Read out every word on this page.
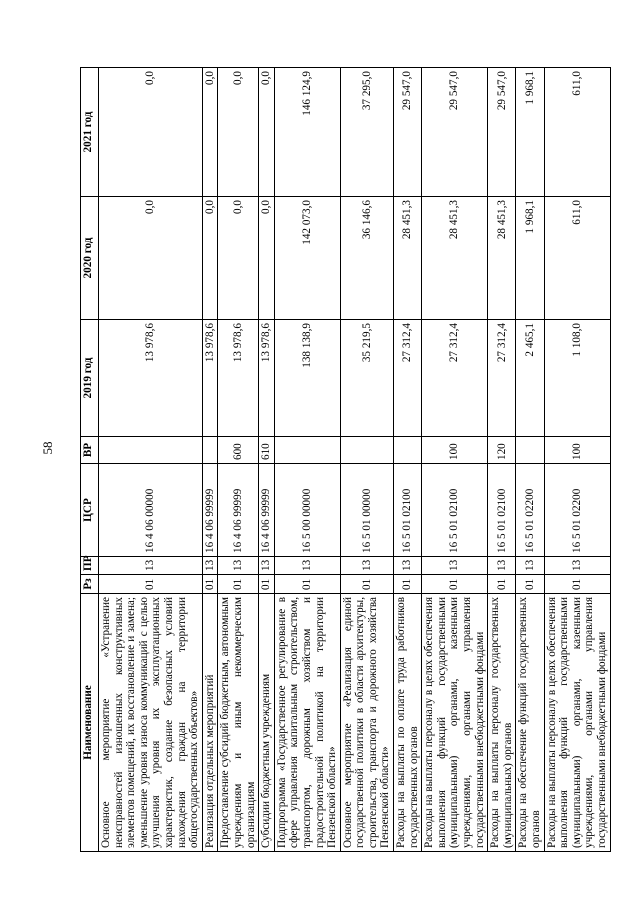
58
Наименование	Рз	ПР	ЦСР	ВР	2019 год	2020 год	2021 год
Основное мероприятие «Устранение неисправностей изношенных конструктивных элементов помещений, их восстановление и замена; уменьшение уровня износа коммуникаций с целью улучшения уровня их эксплуатационных характеристик, создание безопасных условий нахождения граждан на территории общегосударственных объектов»	01	13	16 4 06 00000		13 978,6	0,0	0,0
Реализация отдельных мероприятий	01	13	16 4 06 99999		13 978,6	0,0	0,0
Предоставление субсидий бюджетным, автономным учреждениям и иным некоммерческим организациям	01	13	16 4 06 99999	600	13 978,6	0,0	0,0
Субсидии бюджетным учреждениям	01	13	16 4 06 99999	610	13 978,6	0,0	0,0
Подпрограмма «Государственное регулирование в сфере управления капитальным строительством, транспортом, дорожным хозяйством и градостроительной политикой на территории Пензенской области»	01	13	16 5 00 00000		138 138,9	142 073,0	146 124,9
Основное мероприятие «Реализация единой государственной политики в области архитектуры, строительства, транспорта и дорожного хозяйства Пензенской области»	01	13	16 5 01 00000		35 219,5	36 146,6	37 295,0
Расходы на выплаты по оплате труда работников государственных органов	01	13	16 5 01 02100		27 312,4	28 451,3	29 547,0
Расходы на выплаты персоналу в целях обеспечения выполнения функций государственными (муниципальными) органами, казенными учреждениями, органами управления государственными внебюджетными фондами	01	13	16 5 01 02100	100	27 312,4	28 451,3	29 547,0
Расходы на выплаты персоналу государственных (муниципальных) органов	01	13	16 5 01 02100	120	27 312,4	28 451,3	29 547,0
Расходы на обеспечение функций государственных органов	01	13	16 5 01 02200		2 465,1	1 968,1	1 968,1
Расходы на выплаты персоналу в целях обеспечения выполнения функций государственными (муниципальными) органами, казенными учреждениями, органами управления государственными внебюджетными фондами	01	13	16 5 01 02200	100	1 108,0	611,0	611,0
